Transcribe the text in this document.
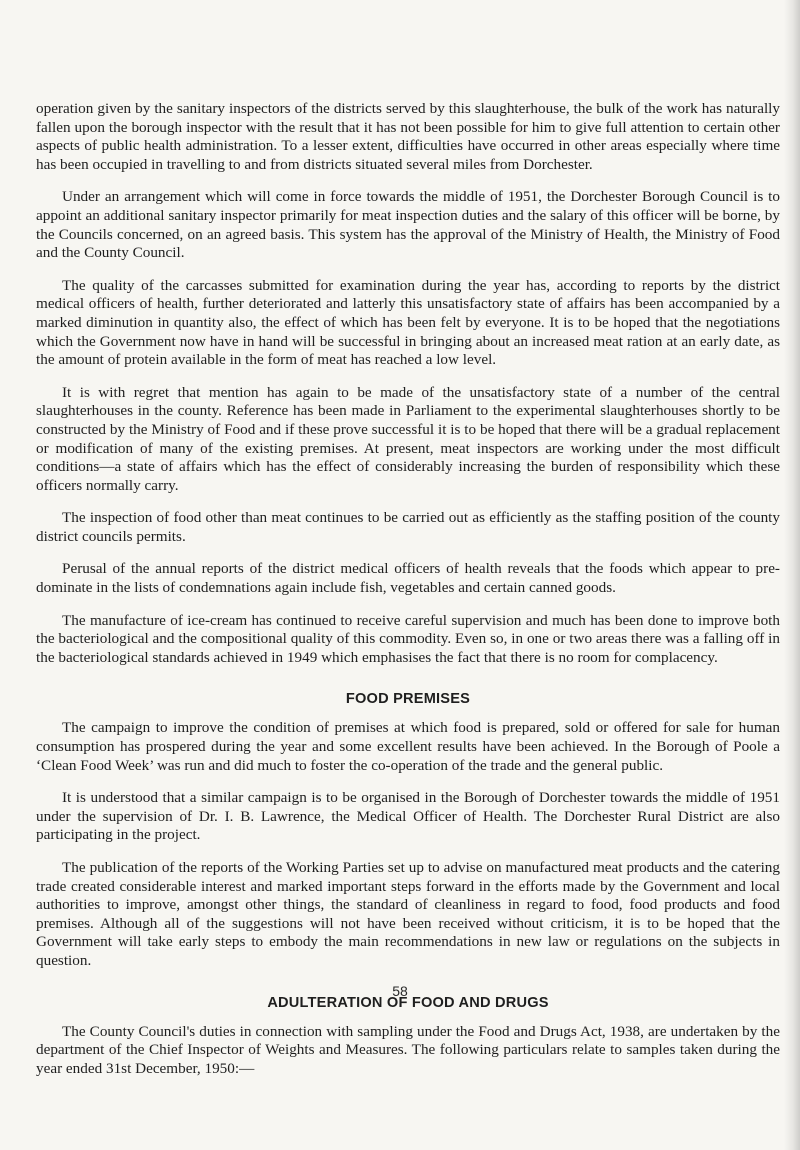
operation given by the sanitary inspectors of the districts served by this slaughterhouse, the bulk of the work has naturally fallen upon the borough inspector with the result that it has not been possible for him to give full attention to certain other aspects of public health administration. To a lesser extent, difficulties have occurred in other areas especially where time has been occupied in travelling to and from districts situated several miles from Dorchester.

Under an arrangement which will come in force towards the middle of 1951, the Dorchester Borough Council is to appoint an additional sanitary inspector primarily for meat inspection duties and the salary of this officer will be borne, by the Councils concerned, on an agreed basis. This system has the approval of the Ministry of Health, the Ministry of Food and the County Council.

The quality of the carcasses submitted for examination during the year has, according to reports by the district medical officers of health, further deteriorated and latterly this unsatisfactory state of affairs has been accompanied by a marked diminution in quantity also, the effect of which has been felt by everyone. It is to be hoped that the negotiations which the Government now have in hand will be successful in bringing about an increased meat ration at an early date, as the amount of protein available in the form of meat has reached a low level.

It is with regret that mention has again to be made of the unsatisfactory state of a number of the central slaughterhouses in the county. Reference has been made in Parliament to the experimental slaughterhouses shortly to be constructed by the Ministry of Food and if these prove successful it is to be hoped that there will be a gradual replacement or modification of many of the existing premises. At present, meat inspectors are working under the most difficult conditions—a state of affairs which has the effect of considerably increasing the burden of responsibility which these officers normally carry.

The inspection of food other than meat continues to be carried out as efficiently as the staffing position of the county district councils permits.

Perusal of the annual reports of the district medical officers of health reveals that the foods which appear to pre-dominate in the lists of condemnations again include fish, vegetables and certain canned goods.

The manufacture of ice-cream has continued to receive careful supervision and much has been done to improve both the bacteriological and the compositional quality of this commodity. Even so, in one or two areas there was a falling off in the bacteriological standards achieved in 1949 which emphasises the fact that there is no room for complacency.

FOOD PREMISES

The campaign to improve the condition of premises at which food is prepared, sold or offered for sale for human consumption has prospered during the year and some excellent results have been achieved. In the Borough of Poole a ‘Clean Food Week’ was run and did much to foster the co-operation of the trade and the general public.

It is understood that a similar campaign is to be organised in the Borough of Dorchester towards the middle of 1951 under the supervision of Dr. I. B. Lawrence, the Medical Officer of Health. The Dorchester Rural District are also participating in the project.

The publication of the reports of the Working Parties set up to advise on manufactured meat products and the catering trade created considerable interest and marked important steps forward in the efforts made by the Government and local authorities to improve, amongst other things, the standard of cleanliness in regard to food, food products and food premises. Although all of the suggestions will not have been received without criticism, it is to be hoped that the Government will take early steps to embody the main recommendations in new law or regulations on the subjects in question.

ADULTERATION OF FOOD AND DRUGS

The County Council's duties in connection with sampling under the Food and Drugs Act, 1938, are undertaken by the department of the Chief Inspector of Weights and Measures. The following particulars relate to samples taken during the year ended 31st December, 1950:—

58
